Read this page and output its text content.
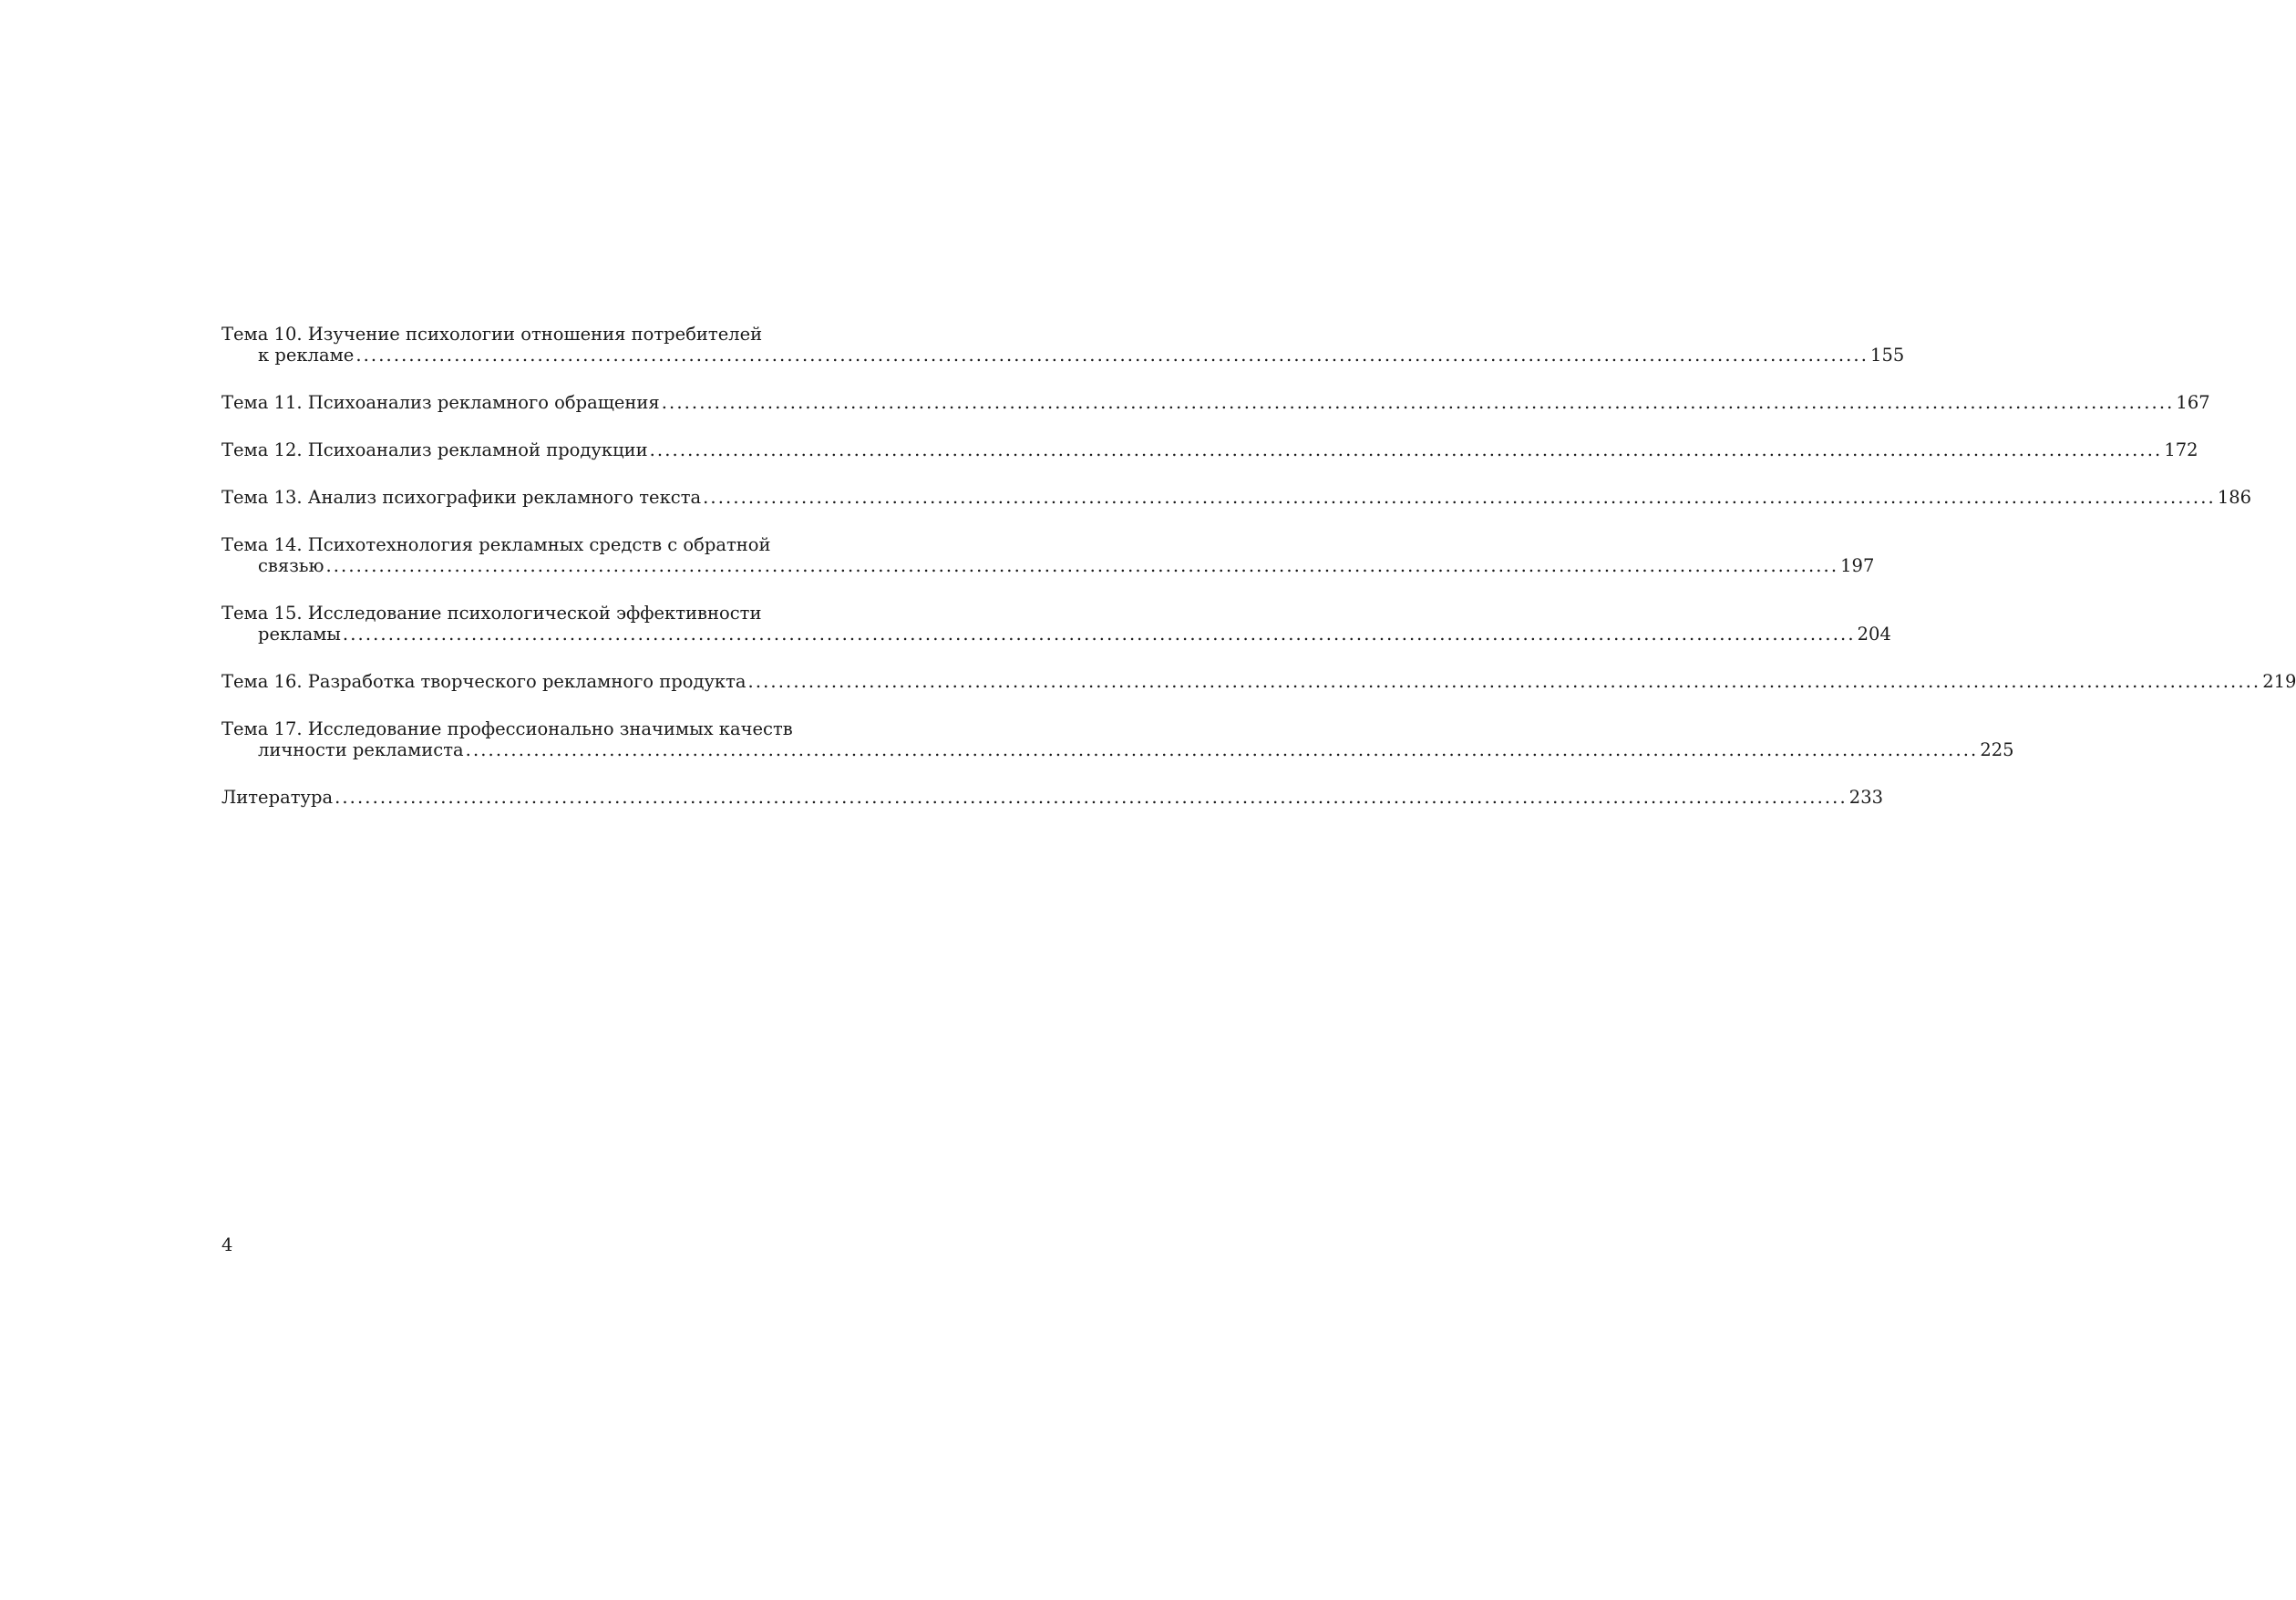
Тема 10. Изучение психологии отношения потребителей
к рекламе ........................................................................................................................................................................................................ 155
Тема 11. Психоанализ рекламного обращения ........................................................................................................................................................................................................ 167
Тема 12. Психоанализ рекламной продукции ........................................................................................................................................................................................................ 172
Тема 13. Анализ психографики рекламного текста ........................................................................................................................................................................................................ 186
Тема 14. Психотехнология рекламных средств с обратной
связью ........................................................................................................................................................................................................ 197
Тема 15. Исследование психологической эффективности
рекламы ........................................................................................................................................................................................................ 204
Тема 16. Разработка творческого рекламного продукта ........................................................................................................................................................................................................ 219
Тема 17. Исследование профессионально значимых качеств
личности рекламиста ........................................................................................................................................................................................................ 225
Литература ........................................................................................................................................................................................................ 233
4
